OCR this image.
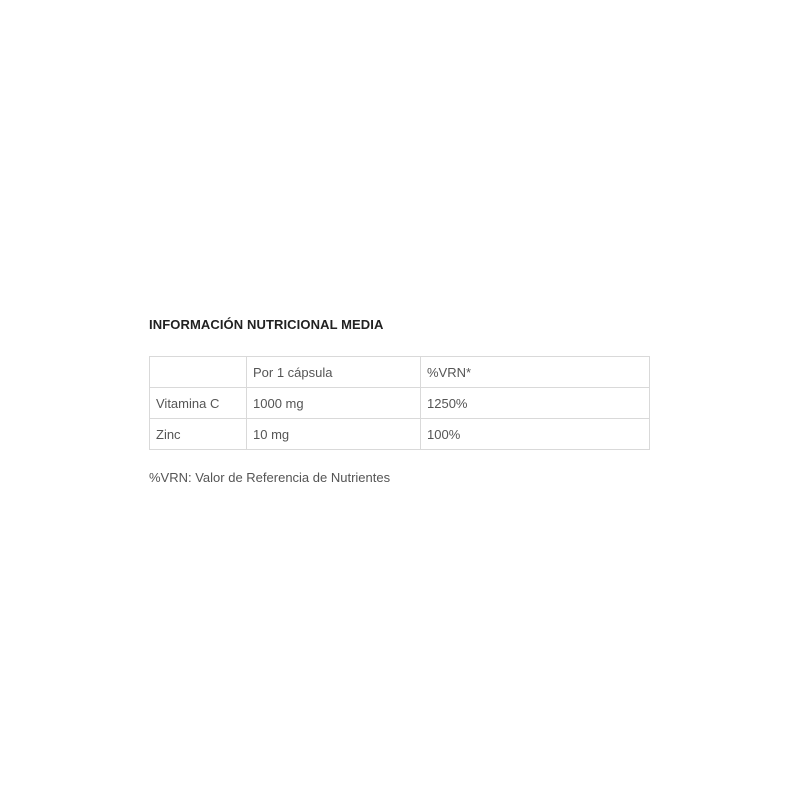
INFORMACIÓN NUTRICIONAL MEDIA
	Por 1 cápsula	%VRN*
Vitamina C	1000 mg	1250%
Zinc	10 mg	100%

%VRN: Valor de Referencia de Nutrientes
